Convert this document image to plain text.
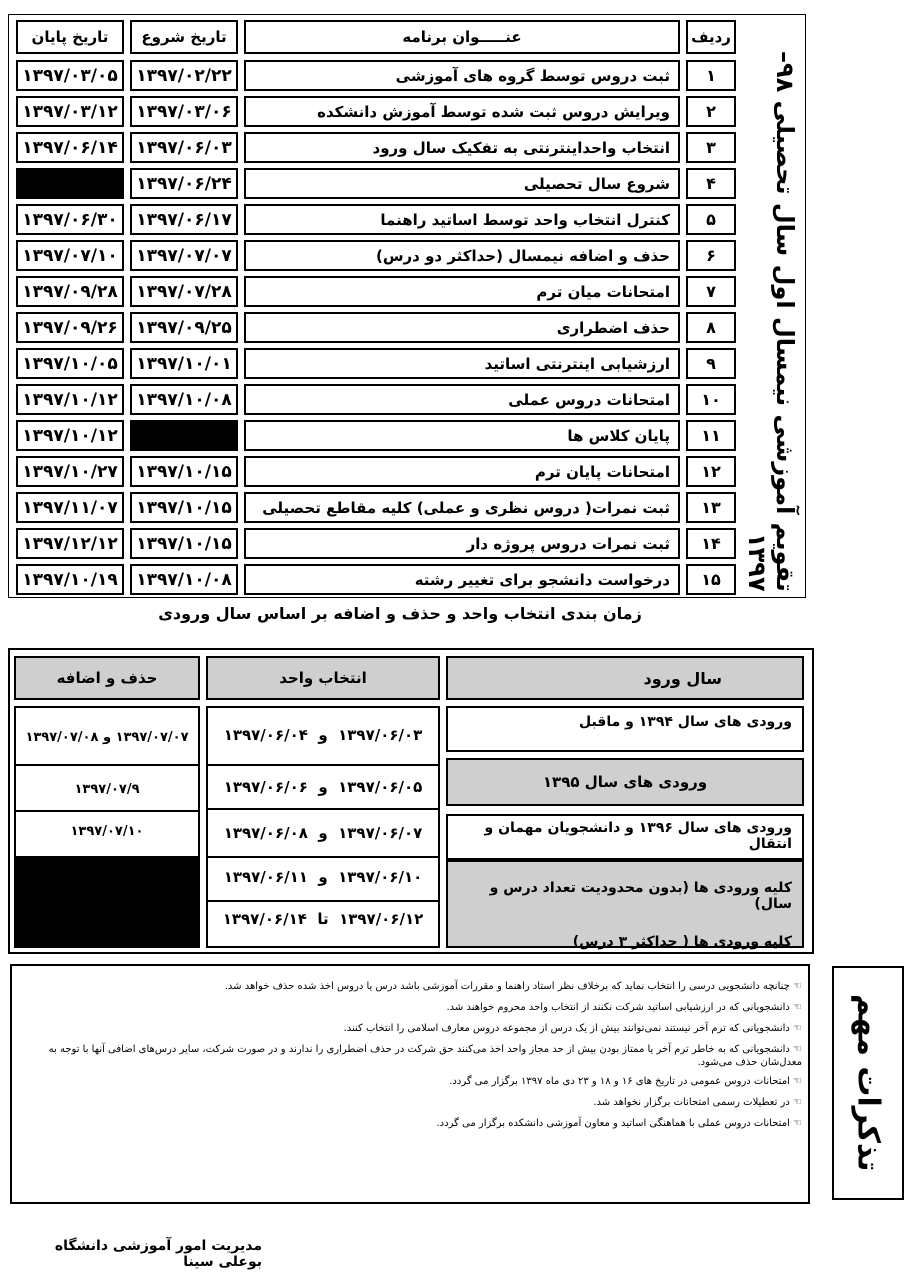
تقویم آموزشی نیمسال اول سال تحصیلی ۹۸–۱۳۹۷
ردیف
عنـــــوان برنامه
تاریخ شروع
تاریخ پایان
۱
ثبت دروس توسط گروه های آموزشی
۱۳۹۷/۰۲/۲۲
۱۳۹۷/۰۳/۰۵
۲
ویرایش دروس ثبت شده توسط آموزش دانشکده
۱۳۹۷/۰۳/۰۶
۱۳۹۷/۰۳/۱۲
۳
انتخاب واحداینترنتی به تفکیک سال ورود
۱۳۹۷/۰۶/۰۳
۱۳۹۷/۰۶/۱۴
۴
شروع سال تحصیلی
۱۳۹۷/۰۶/۲۴
۵
کنترل انتخاب واحد توسط اساتید راهنما
۱۳۹۷/۰۶/۱۷
۱۳۹۷/۰۶/۳۰
۶
حذف و اضافه نیمسال (حداکثر دو درس)
۱۳۹۷/۰۷/۰۷
۱۳۹۷/۰۷/۱۰
۷
امتحانات میان ترم
۱۳۹۷/۰۷/۲۸
۱۳۹۷/۰۹/۲۸
۸
حذف اضطراری
۱۳۹۷/۰۹/۲۵
۱۳۹۷/۰۹/۲۶
۹
ارزشیابی اینترنتی اساتید
۱۳۹۷/۱۰/۰۱
۱۳۹۷/۱۰/۰۵
۱۰
امتحانات دروس عملی
۱۳۹۷/۱۰/۰۸
۱۳۹۷/۱۰/۱۲
۱۱
پایان کلاس ها
۱۳۹۷/۱۰/۱۲
۱۲
امتحانات پایان ترم
۱۳۹۷/۱۰/۱۵
۱۳۹۷/۱۰/۲۷
۱۳
ثبت نمرات( دروس نظری و عملی) کلیه مقاطع تحصیلی
۱۳۹۷/۱۰/۱۵
۱۳۹۷/۱۱/۰۷
۱۴
ثبت نمرات دروس پروژه دار
۱۳۹۷/۱۰/۱۵
۱۳۹۷/۱۲/۱۲
۱۵
درخواست دانشجو برای تغییر رشته
۱۳۹۷/۱۰/۰۸
۱۳۹۷/۱۰/۱۹
زمان بندی انتخاب واحد و حذف و اضافه بر اساس سال ورودی
سال ورود
انتخاب واحد
حذف و اضافه
ورودی های سال ۱۳۹۴ و ماقبل
ورودی های سال ۱۳۹۵
ورودی های سال ۱۳۹۶ و دانشجویان مهمان و انتقال
کلیه ورودی ها (بدون محدودیت تعداد درس و سال)
کلیه ورودی ها ( حداکثر ۳ درس)
۱۳۹۷/۰۶/۰۳  و  ۱۳۹۷/۰۶/۰۴
۱۳۹۷/۰۶/۰۵  و  ۱۳۹۷/۰۶/۰۶
۱۳۹۷/۰۶/۰۷  و  ۱۳۹۷/۰۶/۰۸
۱۳۹۷/۰۶/۱۰  و  ۱۳۹۷/۰۶/۱۱
۱۳۹۷/۰۶/۱۲  تا  ۱۳۹۷/۰۶/۱۴
۱۳۹۷/۰۷/۰۷ و ۱۳۹۷/۰۷/۰۸
۱۳۹۷/۰۷/۹
۱۳۹۷/۰۷/۱۰
تذکرات مهم
☜ چنانچه دانشجویی درسی را انتخاب نماید که برخلاف نظر استاد راهنما و مقررات آموزشی باشد درس یا دروس اخذ شده حذف خواهد شد.
☜ دانشجویانی که در ارزشیابی اساتید شرکت نکنند از انتخاب واحد محروم خواهند شد.
☜ دانشجویانی که ترم آخر نیستند نمی‌توانند بیش از یک درس از مجموعه دروس معارف اسلامی را انتخاب کنند.
☜ دانشجویانی که به خاطر ترم آخر یا ممتاز بودن بیش از حد مجاز واحد اخذ می‌کنند حق شرکت در حذف اضطراری را ندارند و در صورت شرکت، سایر درس‌های اضافی آنها با توجه به معدل‌شان حذف می‌شود.
☜ امتحانات دروس عمومی در تاریخ های ۱۶ و ۱۸ و ۲۳ دی ماه ۱۳۹۷ برگزار می گردد.
☜ در تعطیلات رسمی امتحانات برگزار نخواهد شد.
☜ امتحانات دروس عملی با هماهنگی اساتید و معاون آموزشی دانشکده برگزار می گردد.
مدیریت امور آموزشی دانشگاه بوعلی سینا
